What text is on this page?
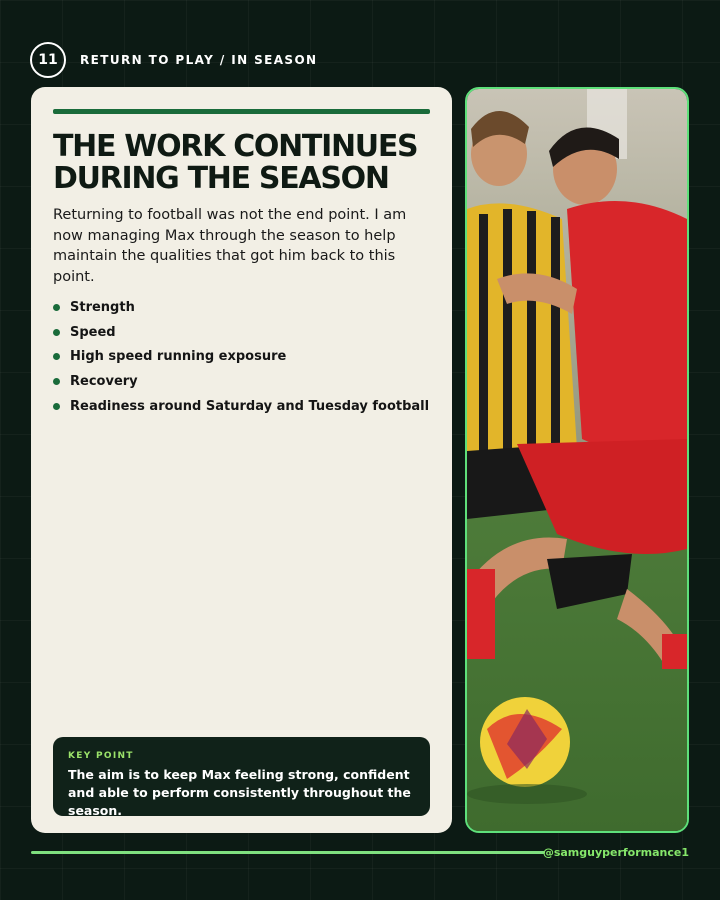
11	RETURN TO PLAY / IN SEASON
THE WORK CONTINUES DURING THE SEASON

Returning to football was not the end point. I am now managing Max through the season to help maintain the qualities that got him back to this point.

Strength
Speed
High speed running exposure
Recovery
Readiness around Saturday and Tuesday football

KEY POINT

The aim is to keep Max feeling strong, confident and able to perform consistently throughout the season.

@samguyperformance1
